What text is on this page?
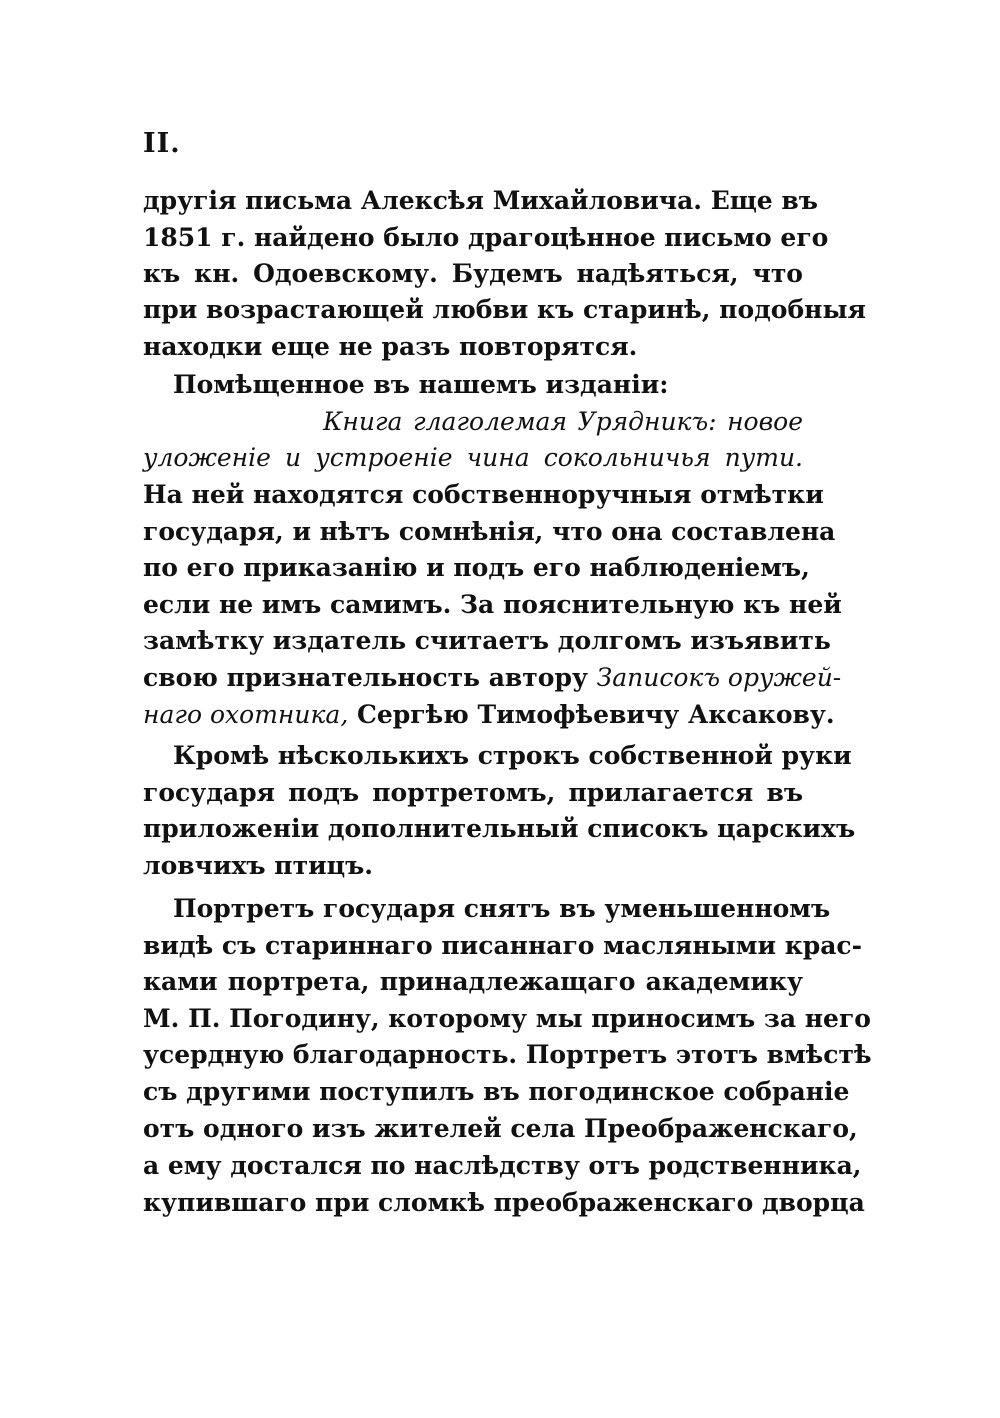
II.
другія письма Алексѣя Михайловича. Еще въ
1851 г. найдено было драгоцѣнное письмо его
къ кн. Одоевскому. Будемъ надѣяться, что
при возрастающей любви къ старинѣ, подобныя
находки еще не разъ повторятся.
Помѣщенное въ нашемъ изданіи:
Книга глаголемая Урядникъ: новое
уложеніе и устроеніе чина сокольничья пути.
На ней находятся собственноручныя отмѣтки
государя, и нѣтъ сомнѣнія, что она составлена
по его приказанію и подъ его наблюденіемъ,
если не имъ самимъ. За пояснительную къ ней
замѣтку издатель считаетъ долгомъ изъявить
свою признательность автору Записокъ оружей-
наго охотника, Сергѣю Тимофѣевичу Аксакову.
Кромѣ нѣсколькихъ строкъ собственной руки
государя подъ портретомъ, прилагается въ
приложеніи дополнительный списокъ царскихъ
ловчихъ птицъ.
Портретъ государя снятъ въ уменьшенномъ
видѣ съ стариннаго писаннаго масляными крас-
ками портрета, принадлежащаго академику
М. П. Погодину, которому мы приносимъ за него
усердную благодарность. Портретъ этотъ вмѣстѣ
съ другими поступилъ въ погодинское собраніе
отъ одного изъ жителей села Преображенскаго,
а ему достался по наслѣдству отъ родственника,
купившаго при сломкѣ преображенскаго дворца
